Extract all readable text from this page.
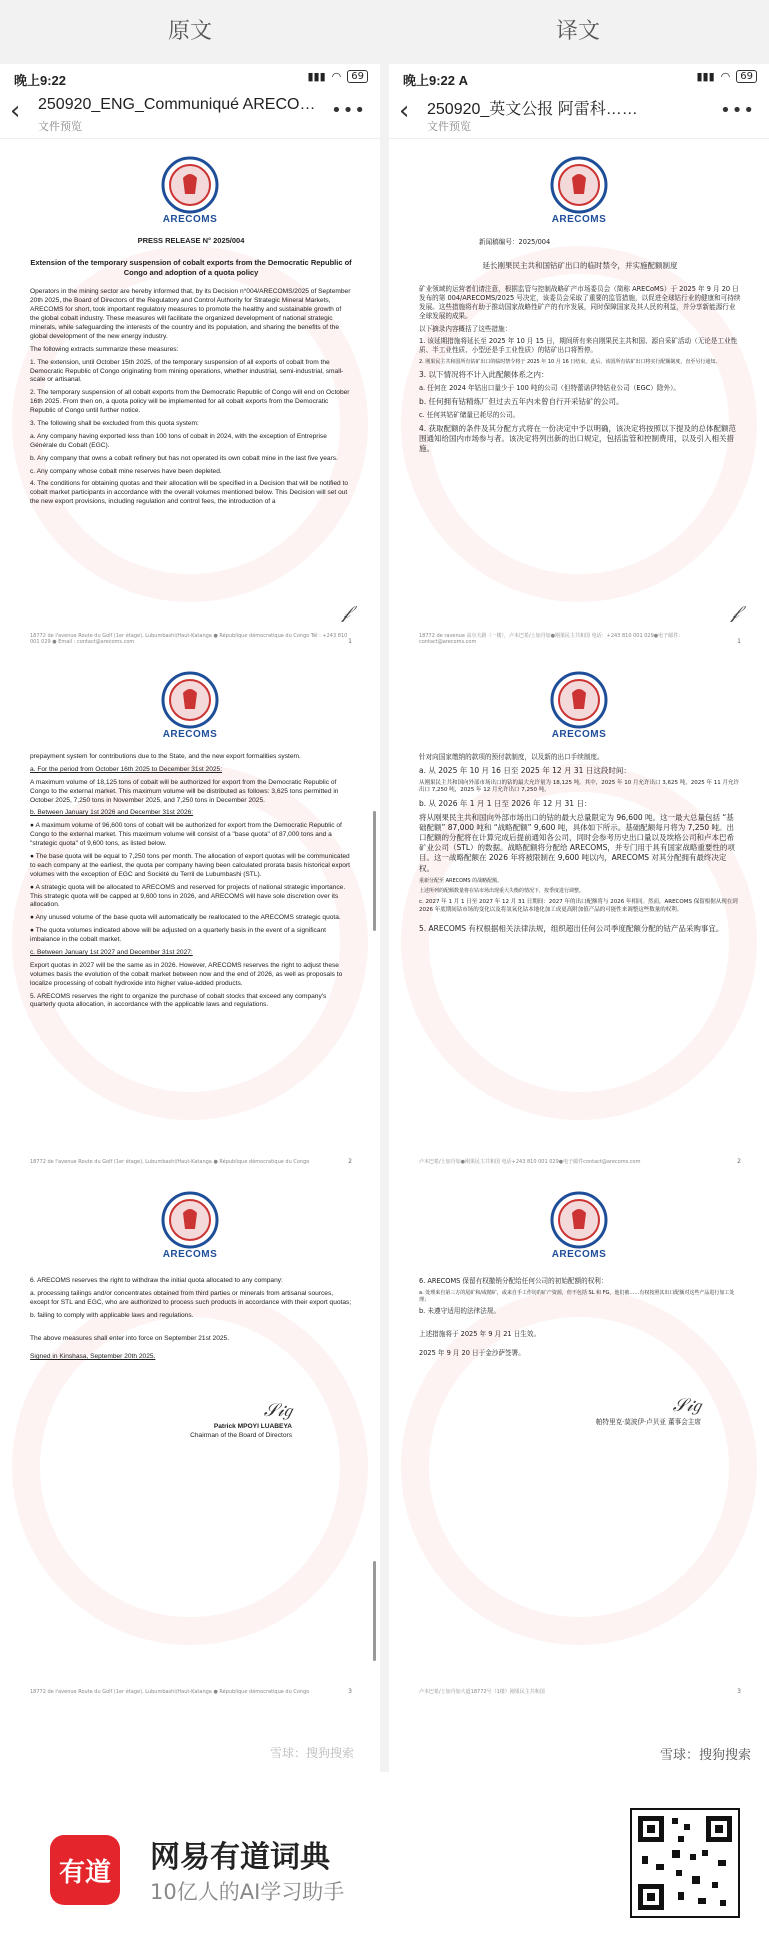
原文	译文
晚上9:22	▮▮▮ ◠	69
‹ 250920_ENG_Communiqué ARECO…
文件预览
•••
ARECOMS

PRESS RELEASE N° 2025/004

Extension of the temporary suspension of cobalt exports from the Democratic Republic of Congo and adoption of a quota policy

Operators in the mining sector are hereby informed that, by its Decision n°004/ARECOMS/2025 of September 20th 2025, the Board of Directors of the Regulatory and Control Authority for Strategic Mineral Markets, ARECOMS for short, took important regulatory measures to promote the healthy and sustainable growth of the global cobalt industry. These measures will facilitate the organized development of national strategic minerals, while safeguarding the interests of the country and its population, and sharing the benefits of the global development of the new energy industry.

The following extracts summarize these measures:

1. The extension, until October 15th 2025, of the temporary suspension of all exports of cobalt from the Democratic Republic of Congo originating from mining operations, whether industrial, semi-industrial, small-scale or artisanal.

2. The temporary suspension of all cobalt exports from the Democratic Republic of Congo will end on October 16th 2025. From then on, a quota policy will be implemented for all cobalt exports from the Democratic Republic of Congo until further notice.

3. The following shall be excluded from this quota system:

a. Any company having exported less than 100 tons of cobalt in 2024, with the exception of Entreprise Générale du Cobalt (EGC).

b. Any company that owns a cobalt refinery but has not operated its own cobalt mine in the last five years.

c. Any company whose cobalt mine reserves have been depleted.

4. The conditions for obtaining quotas and their allocation will be specified in a Decision that will be notified to cobalt market participants in accordance with the overall volumes mentioned below. This Decision will set out the new export provisions, including regulation and control fees, the introduction of a

𝒻
18772 de l'avenue Route du Golf (1er étage), Lubumbashi/Haut-Katanga ● République démocratique du Congo Tél : +243 810 001 029 ● Email : contact@arecoms.com	1
ARECOMS

prepayment system for contributions due to the State, and the new export formalities system.

a. For the period from October 16th 2025 to December 31st 2025:

A maximum volume of 18,125 tons of cobalt will be authorized for export from the Democratic Republic of Congo to the external market. This maximum volume will be distributed as follows: 3,625 tons permitted in October 2025, 7,250 tons in November 2025, and 7,250 tons in December 2025.

b. Between January 1st 2026 and December 31st 2026:

● A maximum volume of 96,600 tons of cobalt will be authorized for export from the Democratic Republic of Congo to the external market. This maximum volume will consist of a "base quota" of 87,000 tons and a "strategic quota" of 9,600 tons, as listed below.

● The base quota will be equal to 7,250 tons per month. The allocation of export quotas will be communicated to each company at the earliest, the quota per company having been calculated prorata basis historical export volumes with the exception of EGC and Société du Terril de Lubumbashi (STL).

● A strategic quota will be allocated to ARECOMS and reserved for projects of national strategic importance. This strategic quota will be capped at 9,600 tons in 2026, and ARECOMS will have sole discretion over its allocation.

● Any unused volume of the base quota will automatically be reallocated to the ARECOMS strategic quota.

● The quota volumes indicated above will be adjusted on a quarterly basis in the event of a significant imbalance in the cobalt market.

c. Between January 1st 2027 and December 31st 2027:

Export quotas in 2027 will be the same as in 2026. However, ARECOMS reserves the right to adjust these volumes basis the evolution of the cobalt market between now and the end of 2026, as well as proposals to localize processing of cobalt hydroxide into higher value-added products.

5. ARECOMS reserves the right to organize the purchase of cobalt stocks that exceed any company's quarterly quota allocation, in accordance with the applicable laws and regulations.

18772 de l'avenue Route du Golf (1er étage), Lubumbashi/Haut-Katanga ● République démocratique du Congo	2
ARECOMS

6. ARECOMS reserves the right to withdraw the initial quota allocated to any company:

a. processing tailings and/or concentrates obtained from third parties or minerals from artisanal sources, except for STL and EGC, who are authorized to process such products in accordance with their export quotas;

b. failing to comply with applicable laws and regulations.

The above measures shall enter into force on September 21st 2025.

Signed in Kinshasa, September 20th 2025.

𝒮𝒾𝑔
Patrick MPOYI LUABEYA
Chairman of the Board of Directors
18772 de l'avenue Route du Golf (1er étage), Lubumbashi/Haut-Katanga ● République démocratique du Congo	3
晚上9:22 A	▮▮▮ ◠	69
‹ 250920_英文公报 阿雷科……
文件预览
•••
ARECOMS

新闻稿编号：2025/004

延长刚果民主共和国钴矿出口的临时禁令，并实施配额制度

矿业领域的运营者们请注意，根据监管与控制战略矿产市场委员会（简称 ARECoMS）于 2025 年 9 月 20 日发布的第 004/ARECOMS/2025 号决定，该委员会采取了重要的监管措施，以促进全球钴行业的健康和可持续发展。这些措施将有助于推动国家战略性矿产的有序发展，同时保障国家及其人民的利益，并分享新能源行业全球发展的成果。

以下摘录内容概括了这些措施：

1. 该延期措施将延长至 2025 年 10 月 15 日，期间所有来自刚果民主共和国、源自采矿活动（无论是工业性质、半工业性质、小型还是手工业性质）的钴矿出口将暂停。

2. 刚果民主共和国所有钴矿出口的临时禁令将于 2025 年 10 月 16 日结束。此后，该国所有钴矿出口将实行配额制度，直至另行通知。

3. 以下情况将不计入此配额体系之内：

a. 任何在 2024 年钴出口量少于 100 吨的公司（但特蕾诺伊特钴业公司（EGC）除外）。

b. 任何拥有钴精炼厂但过去五年内未曾自行开采钴矿的公司。

c. 任何其钴矿储量已耗尽的公司。

4. 获取配额的条件及其分配方式将在一份决定中予以明确，该决定将按照以下提及的总体配额范围通知给国内市场参与者。该决定将列出新的出口规定，包括监管和控制费用，以及引入相关措施。

𝒻
18772 de ravenue 高尔夫路（一楼），卢本巴希/上加丹加●刚果民主共和国 电话：+243 810 001 029●电子邮件：contact@arecoms.com	1
ARECOMS

针对向国家缴纳的款项的预付款制度，以及新的出口手续制度。

a. 从 2025 年 10 月 16 日至 2025 年 12 月 31 日这段时间：

从刚果民主共和国向外部市场出口的钴的最大允许量为 18,125 吨。其中，2025 年 10 月允许出口 3,625 吨，2025 年 11 月允许出口 7,250 吨，2025 年 12 月允许出口 7,250 吨。

b. 从 2026 年 1 月 1 日至 2026 年 12 月 31 日：

将从刚果民主共和国向外部市场出口的钴的最大总量限定为 96,600 吨。这一最大总量包括 “基础配额” 87,000 吨和 “战略配额” 9,600 吨，具体如下所示。基础配额每月将为 7,250 吨。出口配额的分配将在计算完成后提前通知各公司，同时会参考历史出口量以及埃格公司和卢本巴希矿业公司（STL）的数据。战略配额将分配给 ARECOMS，并专门用于具有国家战略重要性的项目。这一战略配额在 2026 年将被限制在 9,600 吨以内，ARECOMS 对其分配拥有最终决定权。

重新分配至 ARECOMS 的战略配额。

上述所列的配额数量将在钴市场出现重大失衡的情况下，按季度进行调整。

c. 2027 年 1 月 1 日至 2027 年 12 月 31 日期间：2027 年的出口配额将与 2026 年相同。然而，ARECOMS 保留根据从现在到 2026 年底期间钴市场的变化以及将氢氧化钴本地化加工成更高附加值产品的可能性来调整这些数量的权利。

5. ARECOMS 有权根据相关法律法规，组织超出任何公司季度配额分配的钴产品采购事宜。

卢本巴希/上加丹加●刚果民主共和国 电话+243 810 001 029●电子邮件contact@arecoms.com	2
ARECOMS

6. ARECOMS 保留有权撤销分配给任何公司的初始配额的权利：

a. 处理来自第三方的尾矿和/或精矿，或来自手工作坊的矿产资源，但不包括 SL 和 FG，他们被……有权按照其出口配额对这些产品进行加工处理；

b. 未遵守适用的法律法规。

上述措施将于 2025 年 9 月 21 日生效。

2025 年 9 月 20 日于金沙萨签署。

𝒮𝒾𝑔
帕特里克·莫波伊·卢贝亚 董事会主席
卢本巴希/上加丹加大道18772号（1楼）刚果民主共和国	3
雪球：搜狗搜索	雪球：搜狗搜索
有道	网易有道词典
10亿人的AI学习助手
